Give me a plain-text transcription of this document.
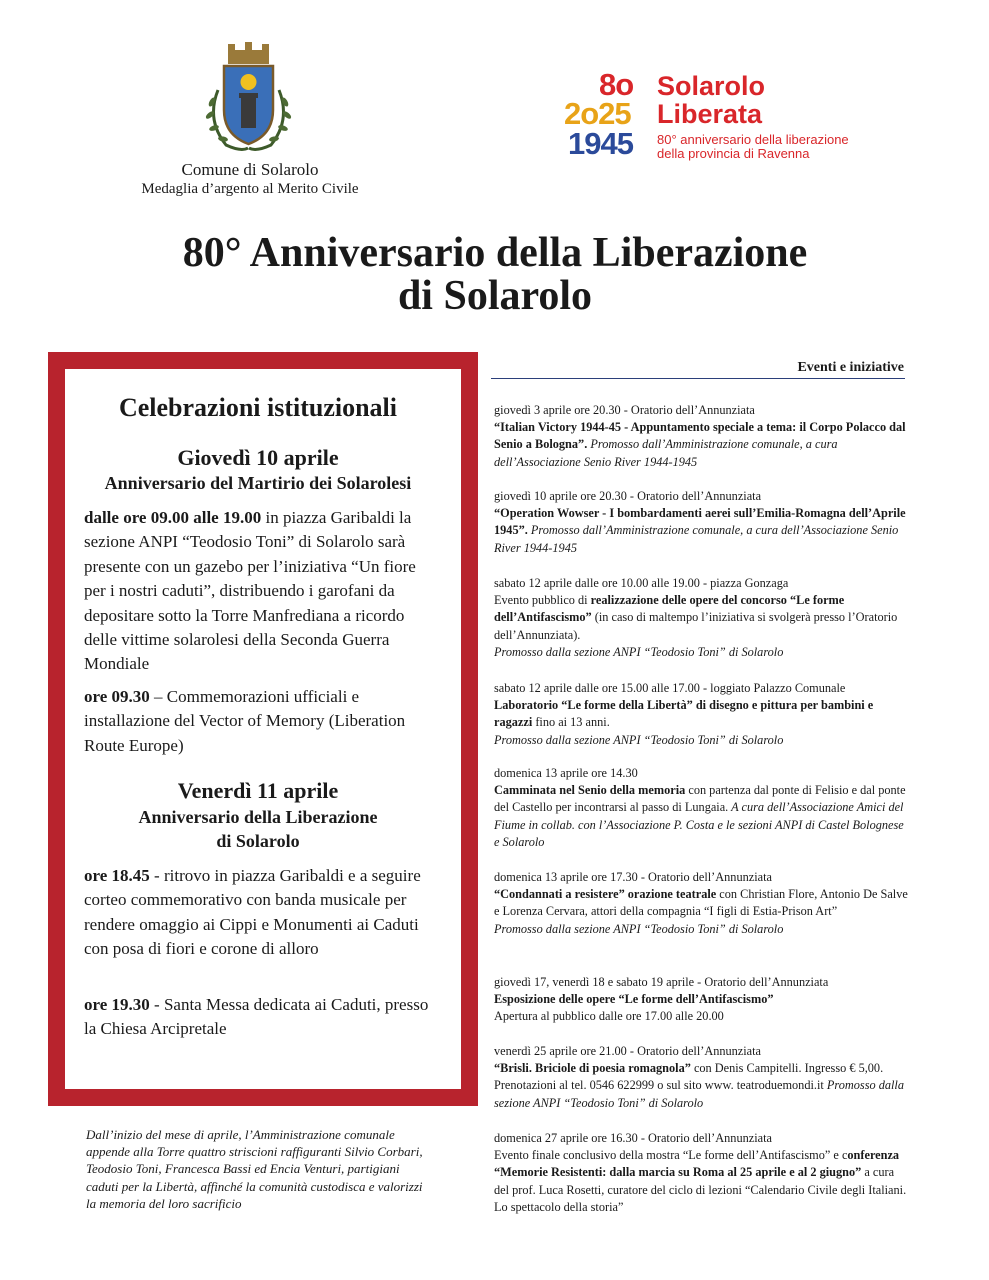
Comune di Solarolo
Medaglia d’argento al Merito Civile
8o
2o25
1945
Solarolo
Liberata
80° anniversario della liberazione
della provincia di Ravenna
80° Anniversario della Liberazione
di Solarolo
Celebrazioni istituzionali
Giovedì 10 aprile
Anniversario del Martirio dei Solarolesi
dalle ore 09.00 alle 19.00 in piazza Garibaldi la sezione ANPI “Teodosio Toni” di Solarolo sarà presente con un gazebo per l’iniziativa “Un fiore per i nostri caduti”, distribuendo i garofani da depositare sotto la Torre Manfrediana a ricordo delle vittime solarolesi della Seconda Guerra Mondiale
ore 09.30 – Commemorazioni ufficiali e installazione del Vector of Memory (Liberation Route Europe)
Venerdì 11 aprile
Anniversario della Liberazione
di Solarolo
ore 18.45 - ritrovo in piazza Garibaldi e a seguire corteo commemorativo con banda musicale per rendere omaggio ai Cippi e Monumenti ai Caduti con posa di fiori e corone di alloro
ore 19.30 - Santa Messa dedicata ai Caduti, presso la Chiesa Arcipretale
Dall’inizio del mese di aprile, l’Amministrazione comunale appende alla Torre quattro striscioni raffiguranti Silvio Corbari, Teodosio Toni, Francesca Bassi ed Encia Venturi, partigiani caduti per la Libertà, affinché la comunità custodisca e valorizzi la memoria del loro sacrificio
Eventi e iniziative
giovedì 3 aprile ore 20.30 - Oratorio dell’Annunziata
“Italian Victory 1944-45 - Appuntamento speciale a tema: il Corpo Polacco dal Senio a Bologna”. Promosso dall’Amministrazione comunale, a cura dell’Associazione Senio River 1944-1945
giovedì 10 aprile ore 20.30 - Oratorio dell’Annunziata
“Operation Wowser - I bombardamenti aerei sull’Emilia-Romagna dell’Aprile 1945”. Promosso dall’Amministrazione comunale, a cura dell’Associazione Senio River 1944-1945
sabato 12 aprile dalle ore 10.00 alle 19.00 - piazza Gonzaga
Evento pubblico di realizzazione delle opere del concorso “Le forme dell’Antifascismo” (in caso di maltempo l’iniziativa si svolgerà presso l’Oratorio dell’Annunziata).
Promosso dalla sezione ANPI “Teodosio Toni” di Solarolo
sabato 12 aprile dalle ore 15.00 alle 17.00 - loggiato Palazzo Comunale
Laboratorio “Le forme della Libertà” di disegno e pittura per bambini e ragazzi fino ai 13 anni.
Promosso dalla sezione ANPI “Teodosio Toni” di Solarolo
domenica 13 aprile ore 14.30
Camminata nel Senio della memoria con partenza dal ponte di Felisio e dal ponte del Castello per incontrarsi al passo di Lungaia. A cura dell’Associazione Amici del Fiume in collab. con l’Associazione P. Costa e le sezioni ANPI di Castel Bolognese e Solarolo
domenica 13 aprile ore 17.30 - Oratorio dell’Annunziata
“Condannati a resistere” orazione teatrale con Christian Flore, Antonio De Salve e Lorenza Cervara, attori della compagnia “I figli di Estia-Prison Art”
Promosso dalla sezione ANPI “Teodosio Toni” di Solarolo
giovedì 17, venerdì 18 e sabato 19 aprile - Oratorio dell’Annunziata
Esposizione delle opere “Le forme dell’Antifascismo”
Apertura al pubblico dalle ore 17.00 alle 20.00
venerdì 25 aprile ore 21.00 - Oratorio dell’Annunziata
“Brisli. Briciole di poesia romagnola” con Denis Campitelli. Ingresso € 5,00. Prenotazioni al tel. 0546 622999 o sul sito www. teatroduemondi.it Promosso dalla sezione ANPI “Teodosio Toni” di Solarolo
domenica 27 aprile ore 16.30 - Oratorio dell’Annunziata
Evento finale conclusivo della mostra “Le forme dell’Antifascismo” e conferenza “Memorie Resistenti: dalla marcia su Roma al 25 aprile e al 2 giugno” a cura del prof. Luca Rosetti, curatore del ciclo di lezioni “Calendario Civile degli Italiani. Lo spettacolo della storia”
